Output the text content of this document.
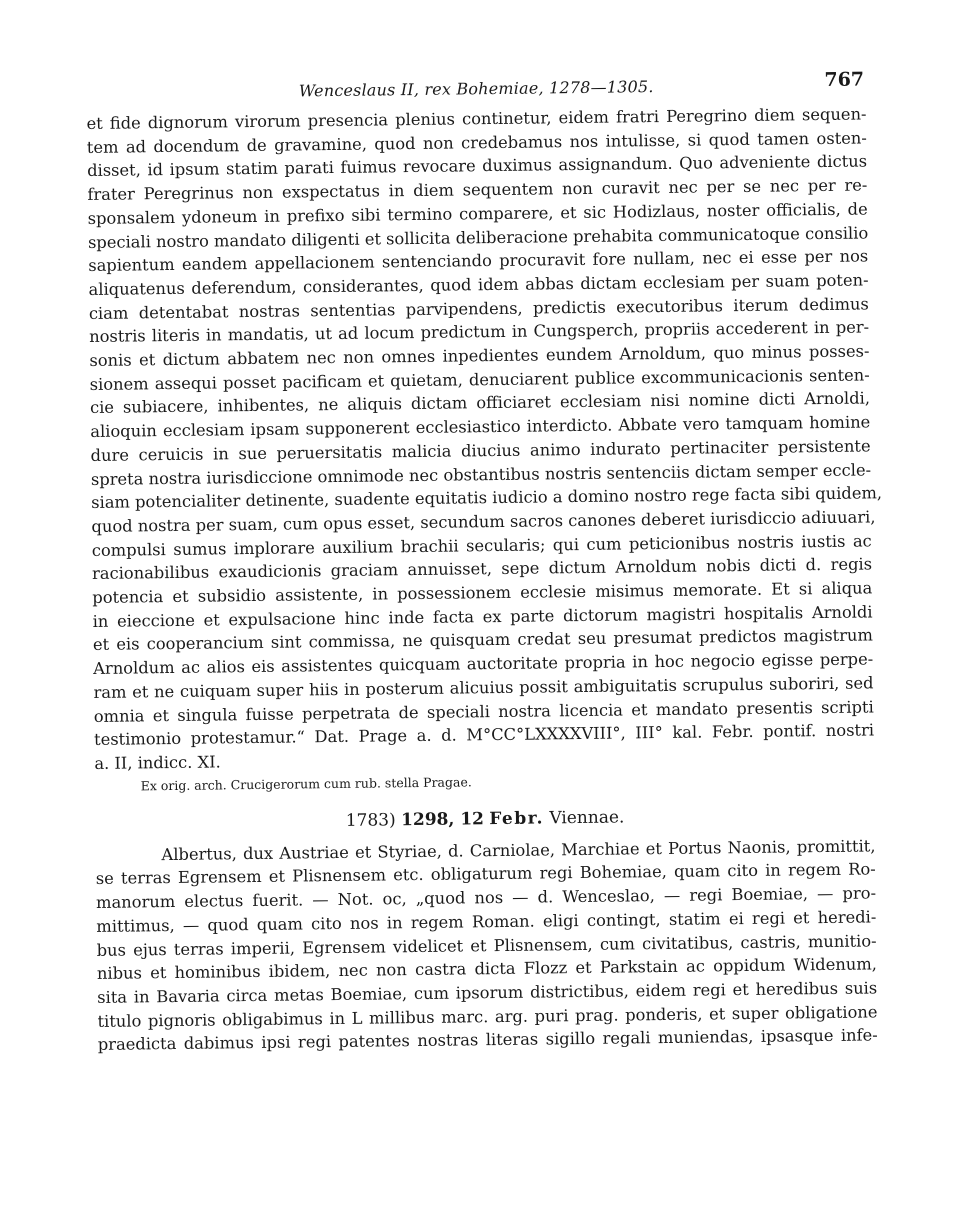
Wenceslaus II, rex Bohemiae, 1278—1305.	767
et fide dignorum virorum presencia plenius continetur, eidem fratri Peregrino diem sequen-
tem ad docendum de gravamine, quod non credebamus nos intulisse, si quod tamen osten-
disset, id ipsum statim parati fuimus revocare duximus assignandum. Quo adveniente dictus
frater Peregrinus non exspectatus in diem sequentem non curavit nec per se nec per re-
sponsalem ydoneum in prefixo sibi termino comparere, et sic Hodizlaus, noster officialis, de
speciali nostro mandato diligenti et sollicita deliberacione prehabita communicatoque consilio
sapientum eandem appellacionem sentenciando procuravit fore nullam, nec ei esse per nos
aliquatenus deferendum, considerantes, quod idem abbas dictam ecclesiam per suam poten-
ciam detentabat nostras sententias parvipendens, predictis executoribus iterum dedimus
nostris literis in mandatis, ut ad locum predictum in Cungsperch, propriis accederent in per-
sonis et dictum abbatem nec non omnes inpedientes eundem Arnoldum, quo minus posses-
sionem assequi posset pacificam et quietam, denuciarent publice excommunicacionis senten-
cie subiacere, inhibentes, ne aliquis dictam officiaret ecclesiam nisi nomine dicti Arnoldi,
alioquin ecclesiam ipsam supponerent ecclesiastico interdicto. Abbate vero tamquam homine
dure ceruicis in sue peruersitatis malicia diucius animo indurato pertinaciter persistente
spreta nostra iurisdiccione omnimode nec obstantibus nostris sentenciis dictam semper eccle-
siam potencialiter detinente, suadente equitatis iudicio a domino nostro rege facta sibi quidem,
quod nostra per suam, cum opus esset, secundum sacros canones deberet iurisdiccio adiuuari,
compulsi sumus implorare auxilium brachii secularis; qui cum peticionibus nostris iustis ac
racionabilibus exaudicionis graciam annuisset, sepe dictum Arnoldum nobis dicti d. regis
potencia et subsidio assistente, in possessionem ecclesie misimus memorate. Et si aliqua
in eieccione et expulsacione hinc inde facta ex parte dictorum magistri hospitalis Arnoldi
et eis cooperancium sint commissa, ne quisquam credat seu presumat predictos magistrum
Arnoldum ac alios eis assistentes quicquam auctoritate propria in hoc negocio egisse perpe-
ram et ne cuiquam super hiis in posterum alicuius possit ambiguitatis scrupulus suboriri, sed
omnia et singula fuisse perpetrata de speciali nostra licencia et mandato presentis scripti
testimonio protestamur.“ Dat. Prage a. d. M°CC°LXXXXVIII°, III° kal. Febr. pontif. nostri
a. II, indicc. XI.
Ex orig. arch. Crucigerorum cum rub. stella Pragae.
1783) 1298, 12 Febr. Viennae.
Albertus, dux Austriae et Styriae, d. Carniolae, Marchiae et Portus Naonis, promittit,
se terras Egrensem et Plisnensem etc. obligaturum regi Bohemiae, quam cito in regem Ro-
manorum electus fuerit. — Not. oc, „quod nos — d. Wenceslao, — regi Boemiae, — pro-
mittimus, — quod quam cito nos in regem Roman. eligi contingt, statim ei regi et heredi-
bus ejus terras imperii, Egrensem videlicet et Plisnensem, cum civitatibus, castris, munitio-
nibus et hominibus ibidem, nec non castra dicta Flozz et Parkstain ac oppidum Widenum,
sita in Bavaria circa metas Boemiae, cum ipsorum districtibus, eidem regi et heredibus suis
titulo pignoris obligabimus in L millibus marc. arg. puri prag. ponderis, et super obligatione
praedicta dabimus ipsi regi patentes nostras literas sigillo regali muniendas, ipsasque infe-
